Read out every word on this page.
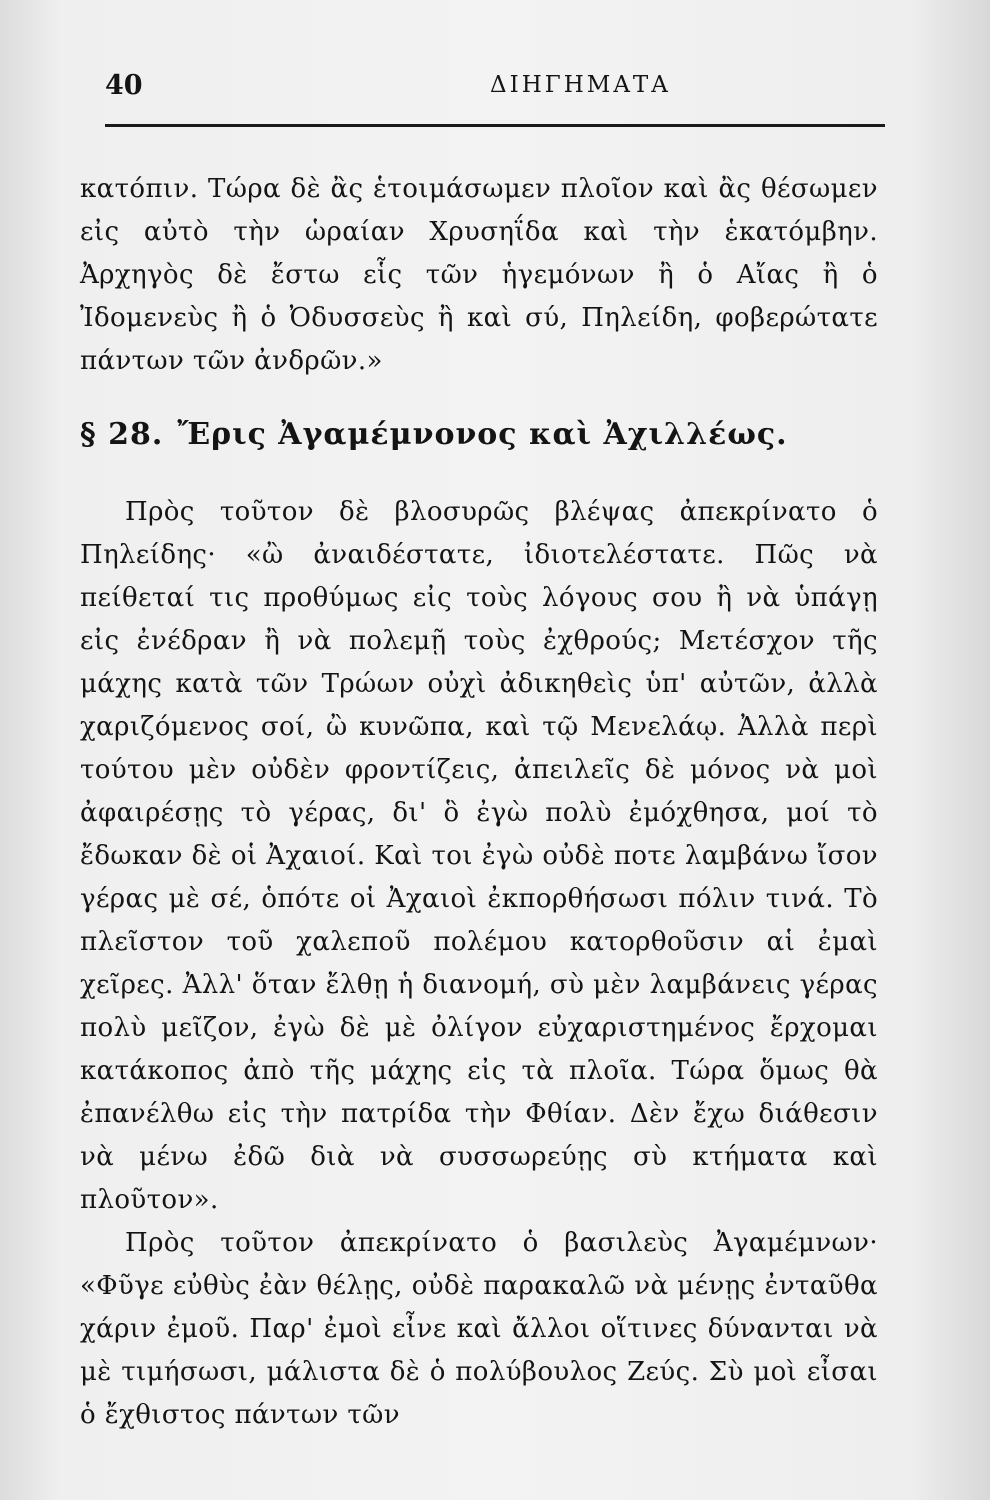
40	ΔΙΗΓΗΜΑΤΑ

κατόπιν. Τώρα δὲ ἂς ἑτοιμάσωμεν πλοῖον καὶ ἂς θέσωμεν εἰς αὐτὸ τὴν ὡραίαν Χρυσηΐδα καὶ τὴν ἑκατόμβην. Ἀρχηγὸς δὲ ἔστω εἷς τῶν ἡγεμόνων ἢ ὁ Αἴας ἢ ὁ Ἰδομενεὺς ἢ ὁ Ὀδυσσεὺς ἢ καὶ σύ, Πηλείδη, φοβερώτατε πάντων τῶν ἀνδρῶν.»

§ 28. Ἔρις Ἀγαμέμνονος καὶ Ἀχιλλέως.

Πρὸς τοῦτον δὲ βλοσυρῶς βλέψας ἀπεκρίνατο ὁ Πηλείδης· «ὢ ἀναιδέστατε, ἰδιοτελέστατε. Πῶς νὰ πείθεταί τις προθύμως εἰς τοὺς λόγους σου ἢ νὰ ὑπάγῃ εἰς ἐνέδραν ἢ νὰ πολεμῇ τοὺς ἐχθρούς; Μετέσχον τῆς μάχης κατὰ τῶν Τρώων οὐχὶ ἀδικηθεὶς ὑπ' αὐτῶν, ἀλλὰ χαριζόμενος σοί, ὢ κυνῶπα, καὶ τῷ Μενελάῳ. Ἀλλὰ περὶ τούτου μὲν οὐδὲν φροντίζεις, ἀπειλεῖς δὲ μόνος νὰ μοὶ ἀφαιρέσῃς τὸ γέρας, δι' ὃ ἐγὼ πολὺ ἐμόχθησα, μοί τὸ ἔδωκαν δὲ οἱ Ἀχαιοί. Καὶ τοι ἐγὼ οὐδὲ ποτε λαμβάνω ἴσον γέρας μὲ σέ, ὁπότε οἱ Ἀχαιοὶ ἐκπορθήσωσι πόλιν τινά. Τὸ πλεῖστον τοῦ χαλεποῦ πολέμου κατορθοῦσιν αἱ ἐμαὶ χεῖρες. Ἀλλ' ὅταν ἔλθῃ ἡ διανομή, σὺ μὲν λαμβάνεις γέρας πολὺ μεῖζον, ἐγὼ δὲ μὲ ὀλίγον εὐχαριστημένος ἔρχομαι κατάκοπος ἀπὸ τῆς μάχης εἰς τὰ πλοῖα. Τώρα ὅμως θὰ ἐπανέλθω εἰς τὴν πατρίδα τὴν Φθίαν. Δὲν ἔχω διάθεσιν νὰ μένω ἐδῶ διὰ νὰ συσσωρεύῃς σὺ κτήματα καὶ πλοῦτον».

Πρὸς τοῦτον ἀπεκρίνατο ὁ βασιλεὺς Ἀγαμέμνων· «Φῦγε εὐθὺς ἐὰν θέλῃς, οὐδὲ παρακαλῶ νὰ μένῃς ἐνταῦθα χάριν ἐμοῦ. Παρ' ἐμοὶ εἶνε καὶ ἄλλοι οἵτινες δύνανται νὰ μὲ τιμήσωσι, μάλιστα δὲ ὁ πολύβουλος Ζεύς. Σὺ μοὶ εἶσαι ὁ ἔχθιστος πάντων τῶν
